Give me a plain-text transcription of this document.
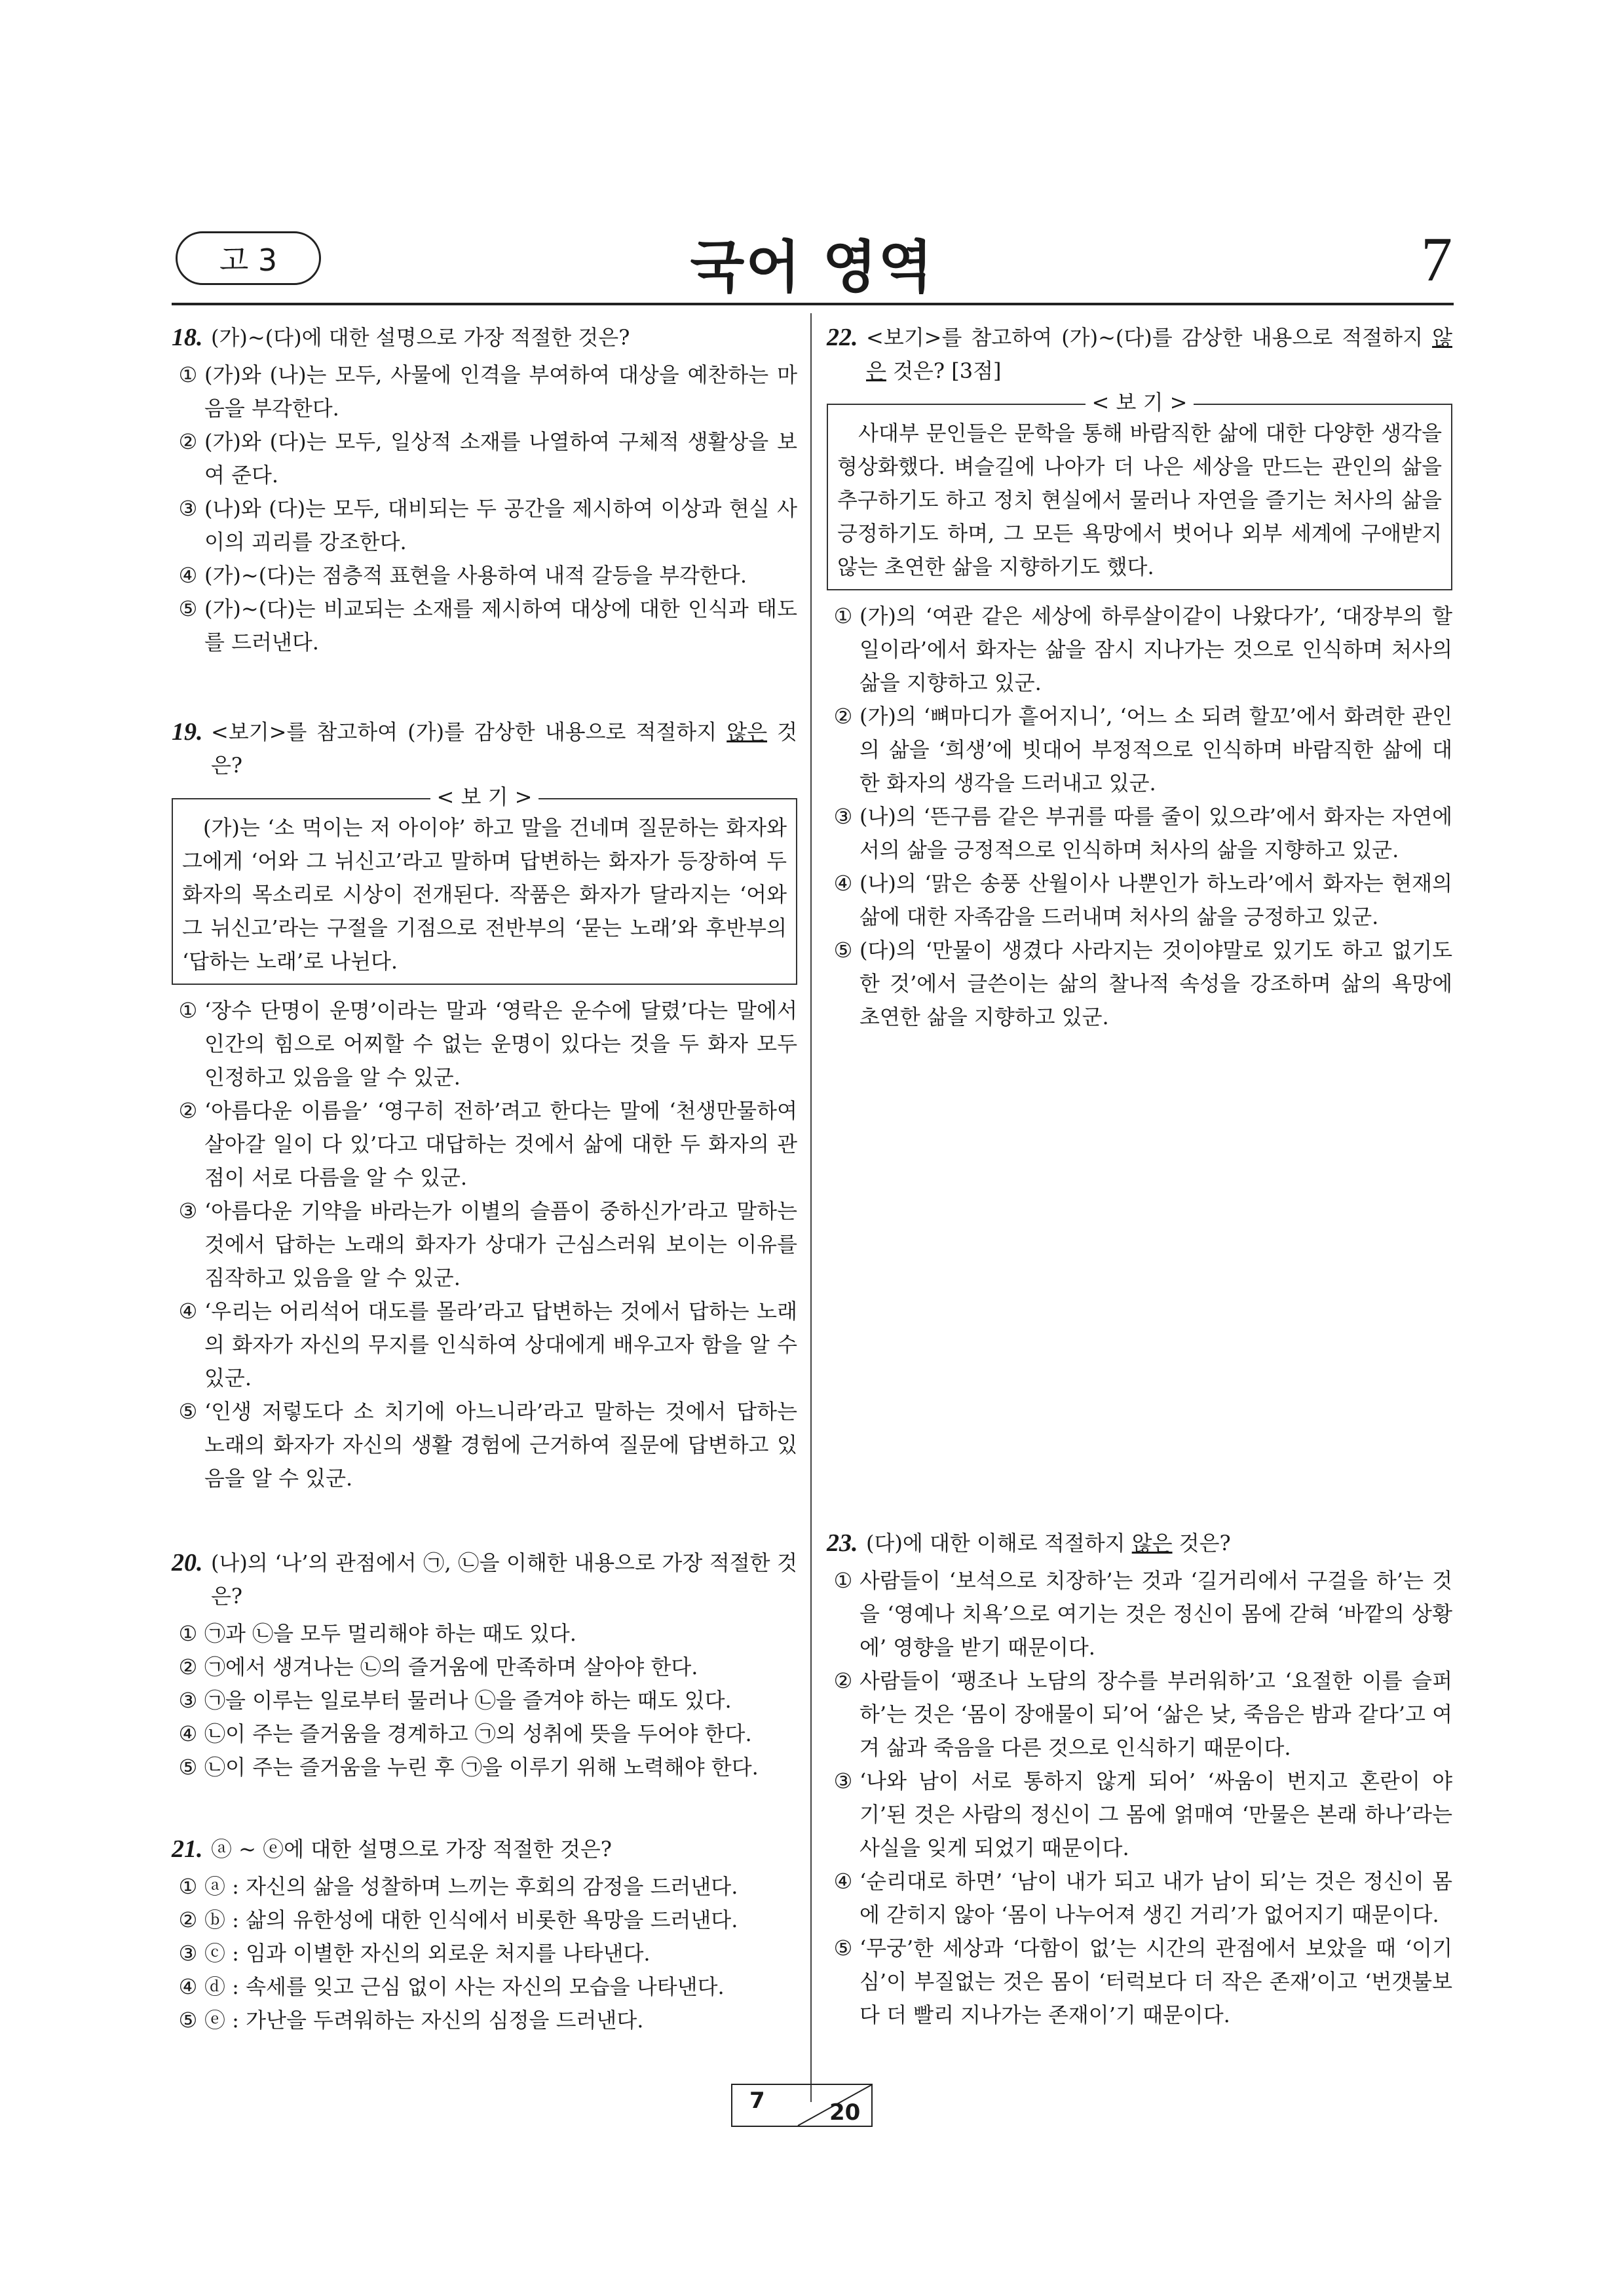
고 3	국어 영역	7
18. (가)~(다)에 대한 설명으로 가장 적절한 것은?
① (가)와 (나)는 모두, 사물에 인격을 부여하여 대상을 예찬하는 마음을 부각한다.
② (가)와 (다)는 모두, 일상적 소재를 나열하여 구체적 생활상을 보여 준다.
③ (나)와 (다)는 모두, 대비되는 두 공간을 제시하여 이상과 현실 사이의 괴리를 강조한다.
④ (가)~(다)는 점층적 표현을 사용하여 내적 갈등을 부각한다.
⑤ (가)~(다)는 비교되는 소재를 제시하여 대상에 대한 인식과 태도를 드러낸다.
19. <보기>를 참고하여 (가)를 감상한 내용으로 적절하지 않은 것은?
< 보 기 >

(가)는 ‘소 먹이는 저 아이야’ 하고 말을 건네며 질문하는 화자와 그에게 ‘어와 그 뉘신고’라고 말하며 답변하는 화자가 등장하여 두 화자의 목소리로 시상이 전개된다. 작품은 화자가 달라지는 ‘어와 그 뉘신고’라는 구절을 기점으로 전반부의 ‘묻는 노래’와 후반부의 ‘답하는 노래’로 나뉜다.

① ‘장수 단명이 운명’이라는 말과 ‘영락은 운수에 달렸’다는 말에서 인간의 힘으로 어찌할 수 없는 운명이 있다는 것을 두 화자 모두 인정하고 있음을 알 수 있군.
② ‘아름다운 이름을’ ‘영구히 전하’려고 한다는 말에 ‘천생만물하여 살아갈 일이 다 있’다고 대답하는 것에서 삶에 대한 두 화자의 관점이 서로 다름을 알 수 있군.
③ ‘아름다운 기약을 바라는가 이별의 슬픔이 중하신가’라고 말하는 것에서 답하는 노래의 화자가 상대가 근심스러워 보이는 이유를 짐작하고 있음을 알 수 있군.
④ ‘우리는 어리석어 대도를 몰라’라고 답변하는 것에서 답하는 노래의 화자가 자신의 무지를 인식하여 상대에게 배우고자 함을 알 수 있군.
⑤ ‘인생 저렇도다 소 치기에 아느니라’라고 말하는 것에서 답하는 노래의 화자가 자신의 생활 경험에 근거하여 질문에 답변하고 있음을 알 수 있군.
20. (나)의 ‘나’의 관점에서 ㉠, ㉡을 이해한 내용으로 가장 적절한 것은?
① ㉠과 ㉡을 모두 멀리해야 하는 때도 있다.
② ㉠에서 생겨나는 ㉡의 즐거움에 만족하며 살아야 한다.
③ ㉠을 이루는 일로부터 물러나 ㉡을 즐겨야 하는 때도 있다.
④ ㉡이 주는 즐거움을 경계하고 ㉠의 성취에 뜻을 두어야 한다.
⑤ ㉡이 주는 즐거움을 누린 후 ㉠을 이루기 위해 노력해야 한다.
21. ⓐ ~ ⓔ에 대한 설명으로 가장 적절한 것은?
① ⓐ : 자신의 삶을 성찰하며 느끼는 후회의 감정을 드러낸다.
② ⓑ : 삶의 유한성에 대한 인식에서 비롯한 욕망을 드러낸다.
③ ⓒ : 임과 이별한 자신의 외로운 처지를 나타낸다.
④ ⓓ : 속세를 잊고 근심 없이 사는 자신의 모습을 나타낸다.
⑤ ⓔ : 가난을 두려워하는 자신의 심정을 드러낸다.
22. <보기>를 참고하여 (가)~(다)를 감상한 내용으로 적절하지 않은 것은? [3점]
< 보 기 >

사대부 문인들은 문학을 통해 바람직한 삶에 대한 다양한 생각을 형상화했다. 벼슬길에 나아가 더 나은 세상을 만드는 관인의 삶을 추구하기도 하고 정치 현실에서 물러나 자연을 즐기는 처사의 삶을 긍정하기도 하며, 그 모든 욕망에서 벗어나 외부 세계에 구애받지 않는 초연한 삶을 지향하기도 했다.

① (가)의 ‘여관 같은 세상에 하루살이같이 나왔다가’, ‘대장부의 할 일이라’에서 화자는 삶을 잠시 지나가는 것으로 인식하며 처사의 삶을 지향하고 있군.
② (가)의 ‘뼈마디가 흩어지니’, ‘어느 소 되려 할꼬’에서 화려한 관인의 삶을 ‘희생’에 빗대어 부정적으로 인식하며 바람직한 삶에 대한 화자의 생각을 드러내고 있군.
③ (나)의 ‘뜬구름 같은 부귀를 따를 줄이 있으랴’에서 화자는 자연에서의 삶을 긍정적으로 인식하며 처사의 삶을 지향하고 있군.
④ (나)의 ‘맑은 송풍 산월이사 나뿐인가 하노라’에서 화자는 현재의 삶에 대한 자족감을 드러내며 처사의 삶을 긍정하고 있군.
⑤ (다)의 ‘만물이 생겼다 사라지는 것이야말로 있기도 하고 없기도 한 것’에서 글쓴이는 삶의 찰나적 속성을 강조하며 삶의 욕망에 초연한 삶을 지향하고 있군.
23. (다)에 대한 이해로 적절하지 않은 것은?
① 사람들이 ‘보석으로 치장하’는 것과 ‘길거리에서 구걸을 하’는 것을 ‘영예나 치욕’으로 여기는 것은 정신이 몸에 갇혀 ‘바깥의 상황에’ 영향을 받기 때문이다.
② 사람들이 ‘팽조나 노담의 장수를 부러워하’고 ‘요절한 이를 슬퍼하’는 것은 ‘몸이 장애물이 되’어 ‘삶은 낮, 죽음은 밤과 같다’고 여겨 삶과 죽음을 다른 것으로 인식하기 때문이다.
③ ‘나와 남이 서로 통하지 않게 되어’ ‘싸움이 번지고 혼란이 야기’된 것은 사람의 정신이 그 몸에 얽매여 ‘만물은 본래 하나’라는 사실을 잊게 되었기 때문이다.
④ ‘순리대로 하면’ ‘남이 내가 되고 내가 남이 되’는 것은 정신이 몸에 갇히지 않아 ‘몸이 나누어져 생긴 거리’가 없어지기 때문이다.
⑤ ‘무궁’한 세상과 ‘다함이 없’는 시간의 관점에서 보았을 때 ‘이기심’이 부질없는 것은 몸이 ‘터럭보다 더 작은 존재’이고 ‘번갯불보다 더 빨리 지나가는 존재이’기 때문이다.
7	20
